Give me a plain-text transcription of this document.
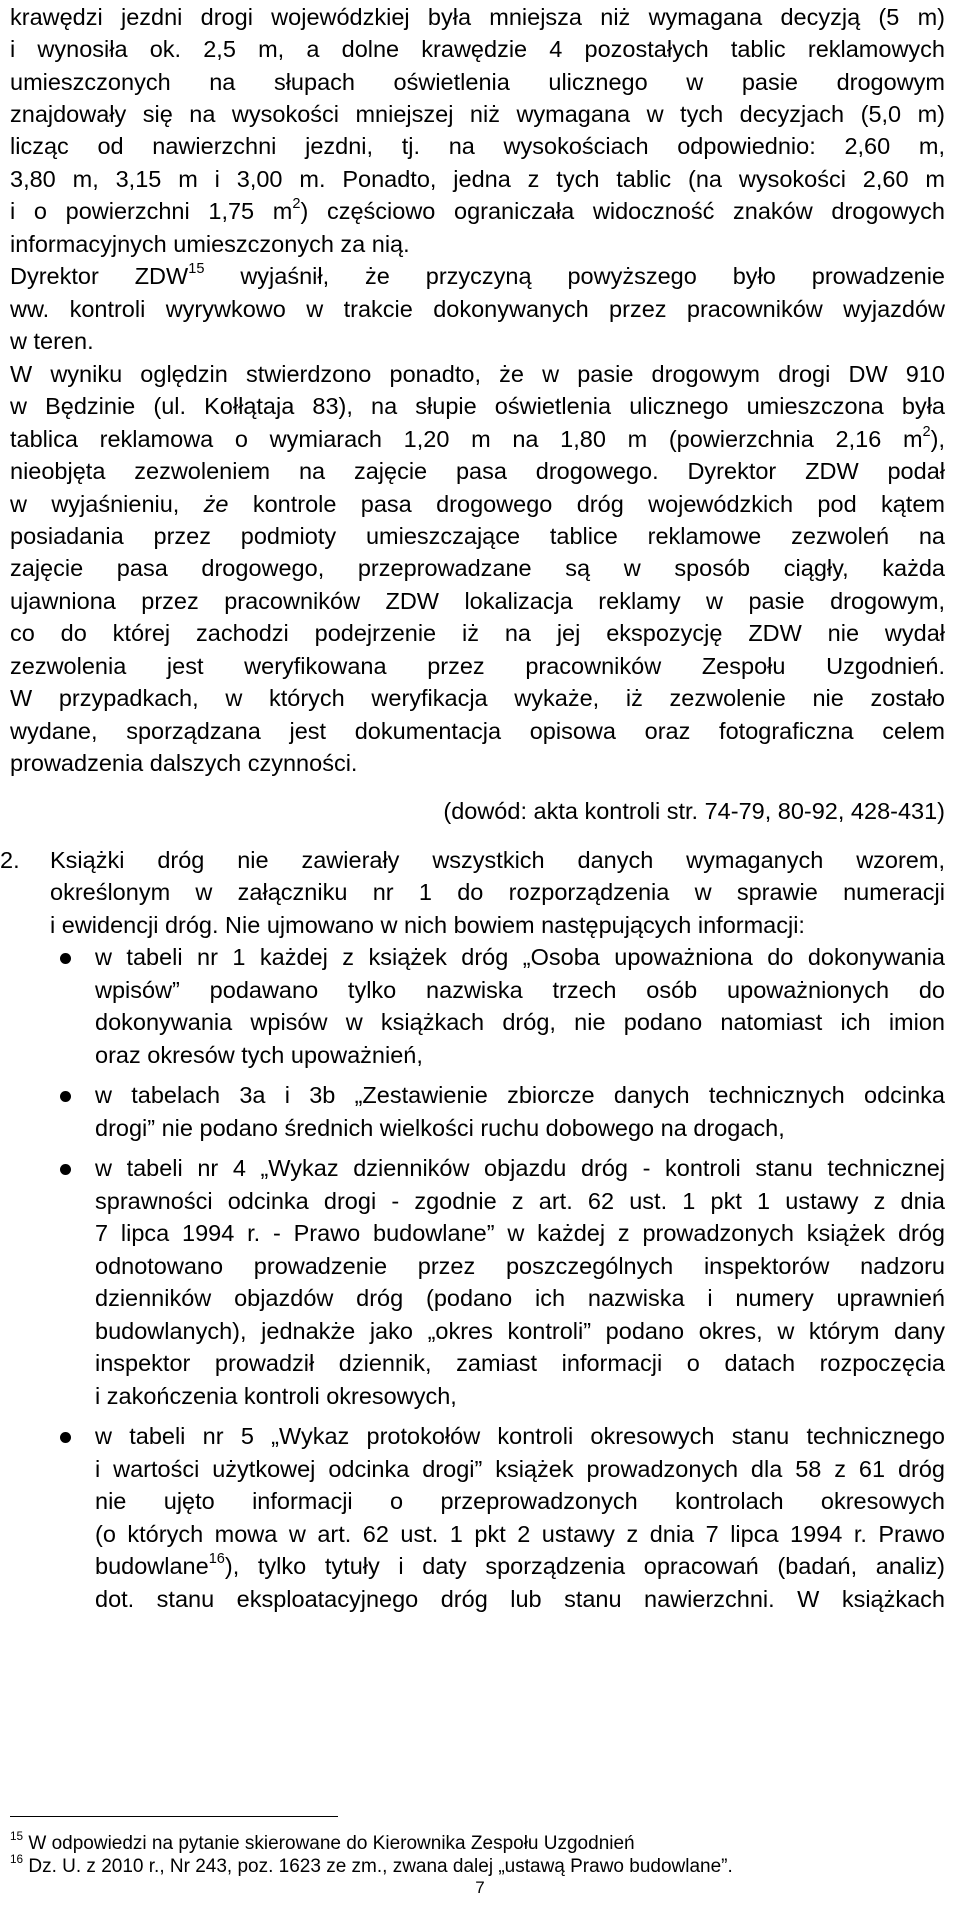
krawędzi jezdni drogi wojewódzkiej była mniejsza niż wymagana decyzją (5 m)
i wynosiła ok. 2,5 m, a dolne krawędzie 4 pozostałych tablic reklamowych
umieszczonych na słupach oświetlenia ulicznego w pasie drogowym
znajdowały się na wysokości mniejszej niż wymagana w tych decyzjach (5,0 m)
licząc od nawierzchni jezdni, tj. na wysokościach odpowiednio: 2,60 m,
3,80 m, 3,15 m i 3,00 m. Ponadto, jedna z tych tablic (na wysokości 2,60 m
i o powierzchni 1,75 $m^2$) częściowo ograniczała widoczność znaków drogowych
informacyjnych umieszczonych za nią.
Dyrektor ZDW$^{15}$ wyjaśnił, że przyczyną powyższego było prowadzenie
ww. kontroli wyrywkowo w trakcie dokonywanych przez pracowników wyjazdów
w teren.
W wyniku oględzin stwierdzono ponadto, że w pasie drogowym drogi DW 910
w Będzinie (ul. Kołłątaja 83), na słupie oświetlenia ulicznego umieszczona była
tablica reklamowa o wymiarach 1,20 m na 1,80 m (powierzchnia 2,16 $m^2$),
nieobjęta zezwoleniem na zajęcie pasa drogowego. Dyrektor ZDW podał
w wyjaśnieniu, że kontrole pasa drogowego dróg wojewódzkich pod kątem
posiadania przez podmioty umieszczające tablice reklamowe zezwoleń na
zajęcie pasa drogowego, przeprowadzane są w sposób ciągły, każda
ujawniona przez pracowników ZDW lokalizacja reklamy w pasie drogowym,
co do której zachodzi podejrzenie iż na jej ekspozycję ZDW nie wydał
zezwolenia jest weryfikowana przez pracowników Zespołu Uzgodnień.
W przypadkach, w których weryfikacja wykaże, iż zezwolenie nie zostało
wydane, sporządzana jest dokumentacja opisowa oraz fotograficzna celem
prowadzenia dalszych czynności.
(dowód: akta kontroli str. 74-79, 80-92, 428-431)
2.	Książki dróg nie zawierały wszystkich danych wymaganych wzorem,
określonym w załączniku nr 1 do rozporządzenia w sprawie numeracji
i ewidencji dróg. Nie ujmowano w nich bowiem następujących informacji:
w tabeli nr 1 każdej z książek dróg „Osoba upoważniona do dokonywania
wpisów” podawano tylko nazwiska trzech osób upoważnionych do
dokonywania wpisów w książkach dróg, nie podano natomiast ich imion
oraz okresów tych upoważnień,
w tabelach 3a i 3b „Zestawienie zbiorcze danych technicznych odcinka
drogi” nie podano średnich wielkości ruchu dobowego na drogach,
w tabeli nr 4 „Wykaz dzienników objazdu dróg - kontroli stanu technicznej
sprawności odcinka drogi - zgodnie z art. 62 ust. 1 pkt 1 ustawy z dnia
7 lipca 1994 r. - Prawo budowlane” w każdej z prowadzonych książek dróg
odnotowano prowadzenie przez poszczególnych inspektorów nadzoru
dzienników objazdów dróg (podano ich nazwiska i numery uprawnień
budowlanych), jednakże jako „okres kontroli” podano okres, w którym dany
inspektor prowadził dziennik, zamiast informacji o datach rozpoczęcia
i zakończenia kontroli okresowych,
w tabeli nr 5 „Wykaz protokołów kontroli okresowych stanu technicznego
i wartości użytkowej odcinka drogi” książek prowadzonych dla 58 z 61 dróg
nie ujęto informacji o przeprowadzonych kontrolach okresowych
(o których mowa w art. 62 ust. 1 pkt 2 ustawy z dnia 7 lipca 1994 r. Prawo
budowlane$^{16}$), tylko tytuły i daty sporządzenia opracowań (badań, analiz)
dot. stanu eksploatacyjnego dróg lub stanu nawierzchni. W książkach
$^{15}$ W odpowiedzi na pytanie skierowane do Kierownika Zespołu Uzgodnień
$^{16}$ Dz. U. z 2010 r., Nr 243, poz. 1623 ze zm., zwana dalej „ustawą Prawo budowlane”.
7
